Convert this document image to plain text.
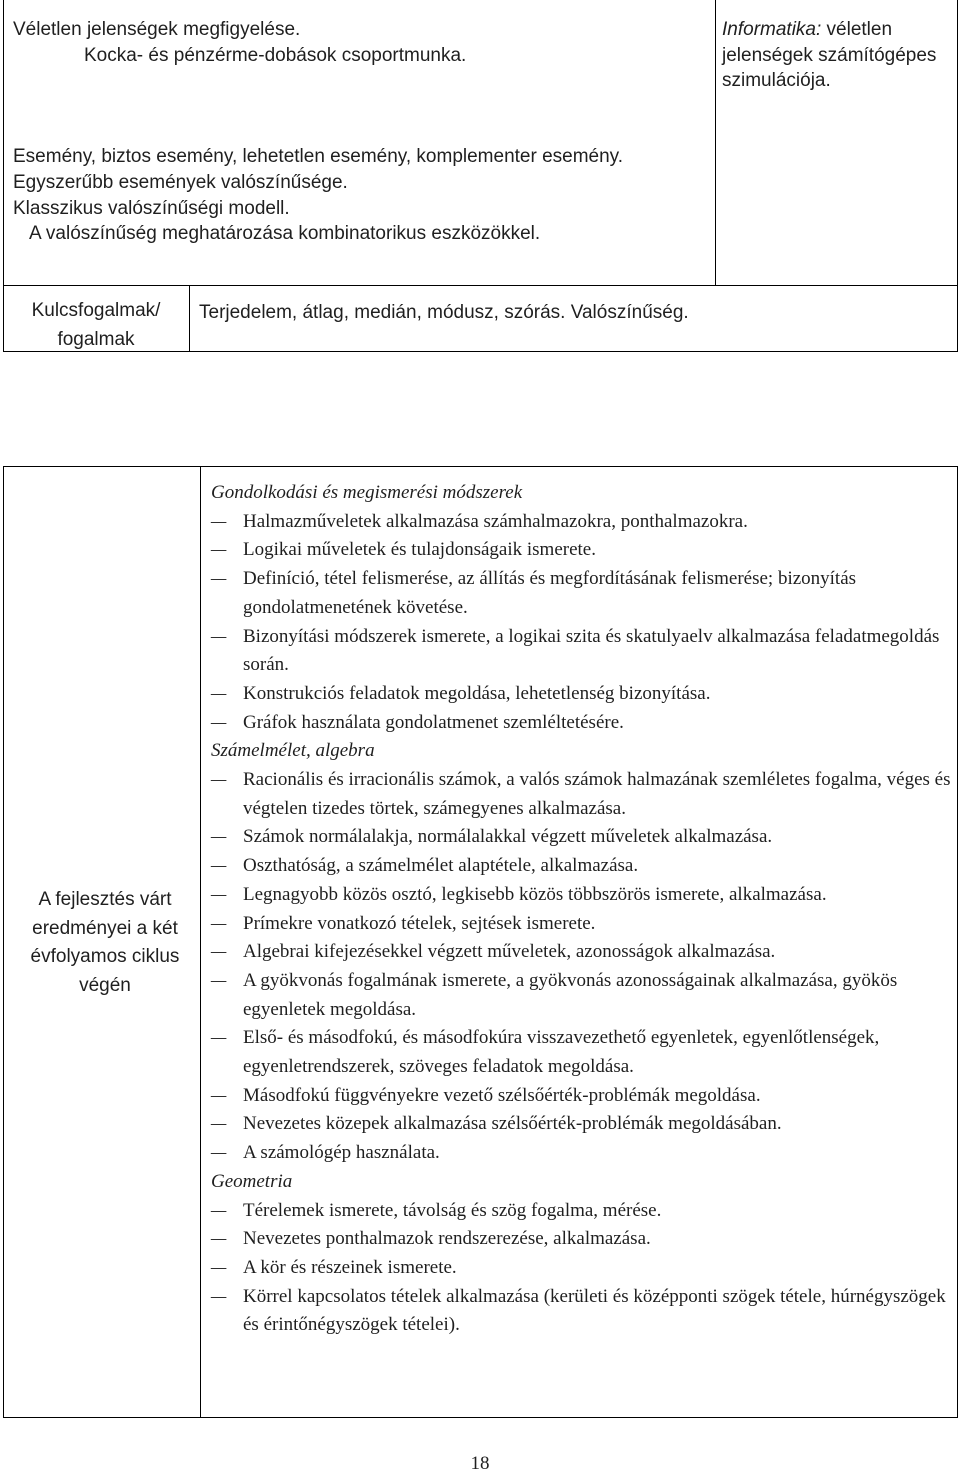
Véletlen jelenségek megfigyelése.

Kocka- és pénzérme-dobások csoportmunka.

Esemény, biztos esemény, lehetetlen esemény, komplementer esemény.

Egyszerűbb események valószínűsége.

Klasszikus valószínűségi modell.

A valószínűség meghatározása kombinatorikus eszközökkel.

Informatika: véletlen jelenségek számítógépes szimulációja.
Kulcsfogalmak/
fogalmak
Terjedelem, átlag, medián, módusz, szórás. Valószínűség.
A fejlesztés várt eredményei a két évfolyamos ciklus végén

Gondolkodási és megismerési módszerek

– Halmazműveletek alkalmazása számhalmazokra, ponthalmazokra.
– Logikai műveletek és tulajdonságaik ismerete.
– Definíció, tétel felismerése, az állítás és megfordításának felismerése; bizonyítás gondolatmenetének követése.
– Bizonyítási módszerek ismerete, a logikai szita és skatulyaelv alkalmazása feladatmegoldás során.
– Konstrukciós feladatok megoldása, lehetetlenség bizonyítása.
– Gráfok használata gondolatmenet szemléltetésére.

Számelmélet, algebra

– Racionális és irracionális számok, a valós számok halmazának szemléletes fogalma, véges és végtelen tizedes törtek, számegyenes alkalmazása.
– Számok normálalakja, normálalakkal végzett műveletek alkalmazása.
– Oszthatóság, a számelmélet alaptétele, alkalmazása.
– Legnagyobb közös osztó, legkisebb közös többszörös ismerete, alkalmazása.
– Prímekre vonatkozó tételek, sejtések ismerete.
– Algebrai kifejezésekkel végzett műveletek, azonosságok alkalmazása.
– A gyökvonás fogalmának ismerete, a gyökvonás azonosságainak alkalmazása, gyökös egyenletek megoldása.
– Első- és másodfokú, és másodfokúra visszavezethető egyenletek, egyenlőtlenségek, egyenletrendszerek, szöveges feladatok megoldása.
– Másodfokú függvényekre vezető szélsőérték-problémák megoldása.
– Nevezetes közepek alkalmazása szélsőérték-problémák megoldásában.
– A számológép használata.

Geometria

– Térelemek ismerete, távolság és szög fogalma, mérése.
– Nevezetes ponthalmazok rendszerezése, alkalmazása.
– A kör és részeinek ismerete.
– Körrel kapcsolatos tételek alkalmazása (kerületi és középponti szögek tétele, húrnégyszögek és érintőnégyszögek tételei).
18
